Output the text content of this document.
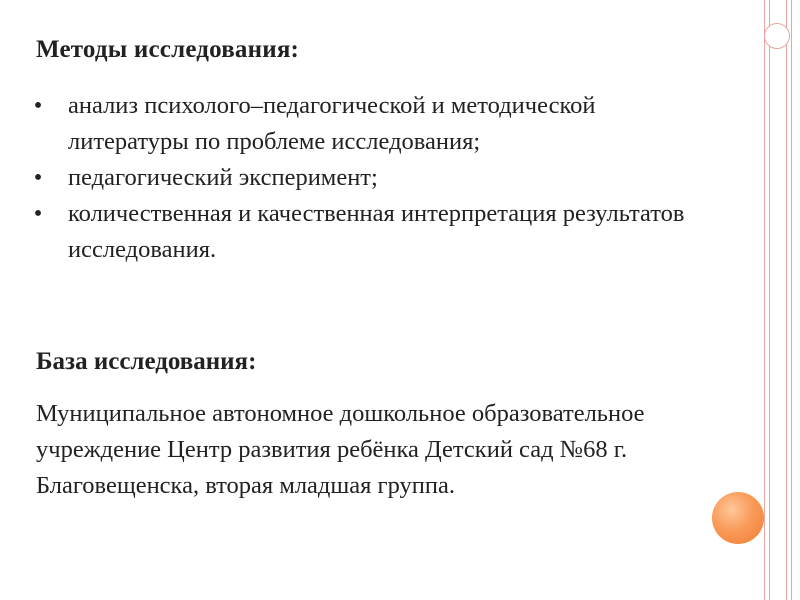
Методы исследования:
• анализ психолого–педагогической и методической литературы по проблеме исследования;
• педагогический эксперимент;
• количественная и качественная интерпретация результатов исследования.
База исследования:

Муниципальное автономное дошкольное образовательное учреждение Центр развития ребёнка Детский сад №68 г. Благовещенска, вторая младшая группа.
